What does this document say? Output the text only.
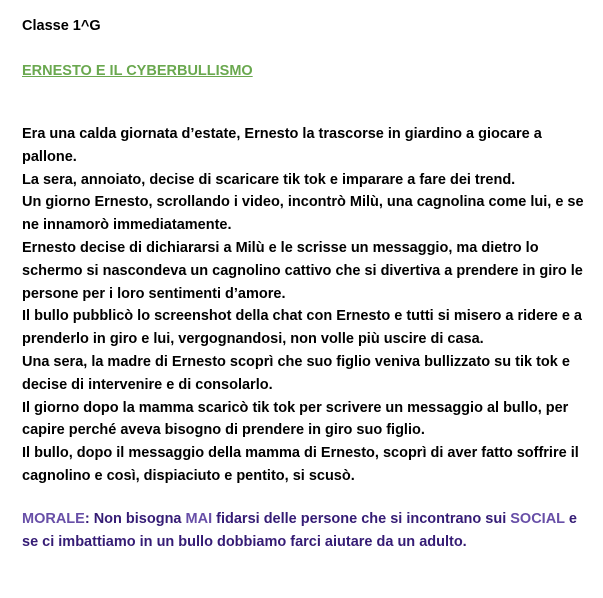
Classe 1^G

ERNESTO E IL CYBERBULLISMO

Era una calda giornata d’estate, Ernesto la trascorse in giardino a giocare a pallone.

La sera, annoiato, decise di scaricare tik tok e imparare a fare dei trend.

Un giorno Ernesto, scrollando i video, incontrò Milù, una cagnolina come lui, e se ne innamorò immediatamente.

Ernesto decise di dichiararsi a Milù e le scrisse un messaggio, ma dietro lo schermo si nascondeva un cagnolino cattivo che si divertiva a prendere in giro le persone per i loro sentimenti d’amore.

Il bullo pubblicò lo screenshot della chat con Ernesto e tutti si misero a ridere e a prenderlo in giro e lui, vergognandosi, non volle più uscire di casa.

Una sera, la madre di Ernesto scoprì che suo figlio veniva bullizzato su tik tok e decise di intervenire e di consolarlo.

Il giorno dopo la mamma scaricò tik tok per scrivere un messaggio al bullo, per capire perché aveva bisogno di prendere in giro suo figlio.

Il bullo, dopo il messaggio della mamma di Ernesto, scoprì di aver fatto soffrire il cagnolino e così, dispiaciuto e pentito, si scusò.

MORALE: Non bisogna MAI fidarsi delle persone che si incontrano sui SOCIAL e se ci imbattiamo in un bullo dobbiamo farci aiutare da un adulto.
